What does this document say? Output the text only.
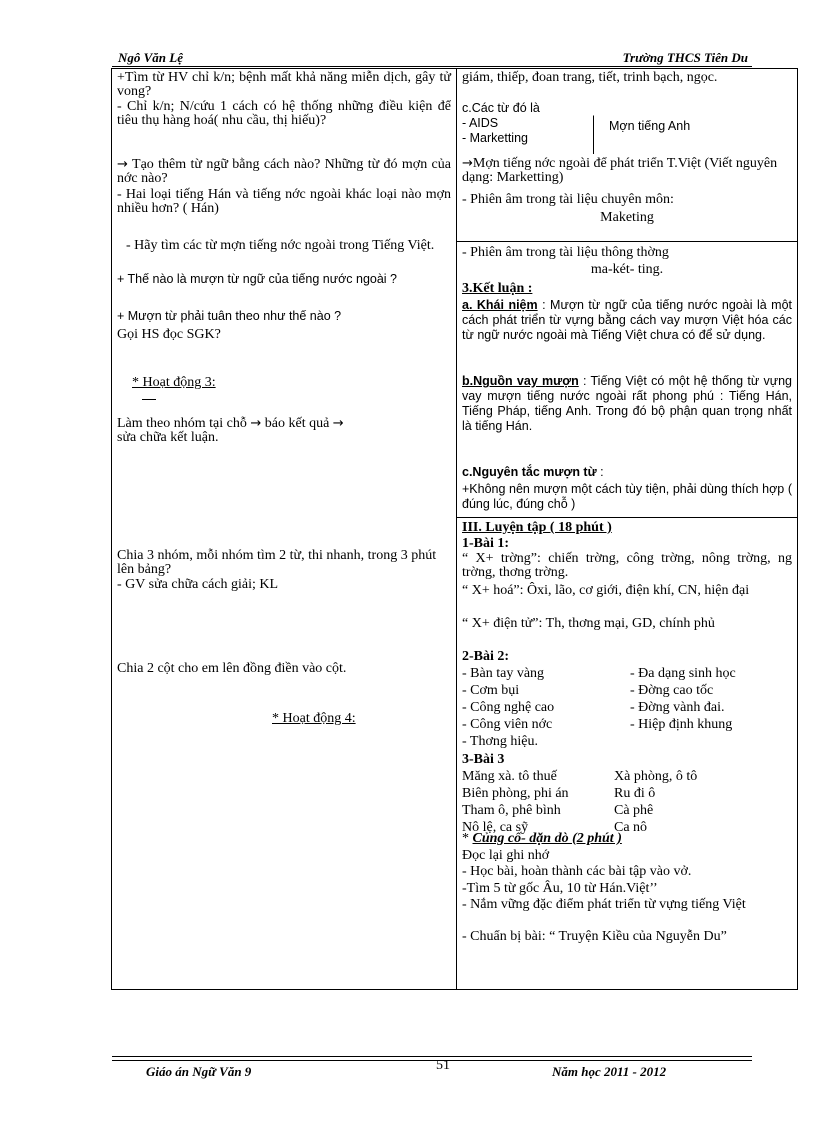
Ngô Văn Lệ	Trường THCS Tiên Du
+Tìm từ HV chỉ k/n; bệnh mất khả năng miễn dịch, gây tử vong?
- Chỉ k/n; N/cứu 1 cách có hệ thống những điều kiện để tiêu thụ hàng hoá( nhu cầu, thị hiếu)?
→ Tạo thêm từ ngữ bằng cách nào? Những từ đó mợn của nớc nào?
- Hai loại tiếng Hán và tiếng nớc ngoài khác loại nào mợn nhiều hơn? ( Hán)
- Hãy tìm các từ mợn tiếng nớc ngoài trong Tiếng Việt.
+ Thế nào là mượn từ ngữ của tiếng nước ngoài ?
+ Mượn từ phải tuân theo như thế nào ?
Gọi HS đọc SGK?
* Hoạt động 3:
Làm theo nhóm tại chỗ → báo kết quả →
sửa chữa kết luận.
Chia 3 nhóm, mỗi nhóm tìm 2 từ, thi nhanh, trong 3 phút lên bảng?
- GV sửa chữa cách giải; KL
Chia 2 cột cho em lên đồng điền vào cột.
* Hoạt động 4:
giám, thiếp, đoan trang, tiết, trinh bạch, ngọc.
c.Các từ đó là
- AIDS
- Marketting
Mợn tiếng Anh
→Mợn tiếng nớc ngoài để phát triển T.Việt (Viết nguyên dạng: Marketting)
- Phiên âm trong tài liệu chuyên môn:
Maketing
- Phiên âm trong tài liệu thông thờng
ma-két- ting.
3.Kết luận :
a. Khái niệm : Mượn từ ngữ của tiếng nước ngoài là một cách phát triển từ vựng bằng cách vay mượn Việt hóa các từ ngữ nước ngoài mà Tiếng Việt chưa có để sử dụng.
b.Nguồn vay mượn : Tiếng Việt có một hệ thống từ vựng vay mượn tiếng nước ngoài rất phong phú : Tiếng Hán, Tiếng Pháp, tiếng Anh. Trong đó bộ phận quan trọng nhất là tiếng Hán.
c.Nguyên tắc mượn từ :
+Không nên mượn một cách tùy tiện, phải dùng thích hợp ( đúng lúc, đúng chỗ )
III. Luyện tập ( 18 phút )
1-Bài 1:
“ X+ trờng”: chiến trờng, công trờng, nông trờng, ng trờng, thơng trờng.
“ X+ hoá”: Ôxi, lão, cơ giới, điện khí, CN, hiện đại
“ X+ điện tử”: Th, thơng mại, GD, chính phủ
2-Bài 2:
- Bàn tay vàng	- Đa dạng sinh học
- Cơm bụi	- Đờng cao tốc
- Công nghệ cao	- Đờng vành đai.
- Công viên nớc	- Hiệp định khung
- Thơng hiệu.
3-Bài 3
Măng xà. tô thuế	Xà phòng, ô tô
Biên phòng, phi án	Ru đi ô
Tham ô, phê bình	Cà phê
Nô lệ, ca sỹ	Ca nô
* Củng cố- dặn dò (2 phút )
Đọc lại ghi nhớ
- Học bài, hoàn thành các bài tập vào vở.
-Tìm 5 từ gốc Âu, 10 từ Hán.Việt’’
- Nắm vững đặc điểm phát triển từ vựng tiếng Việt
- Chuẩn bị bài: “ Truyện Kiều của Nguyễn Du”
Giáo án Ngữ Văn 9	51	Năm học 2011 - 2012
